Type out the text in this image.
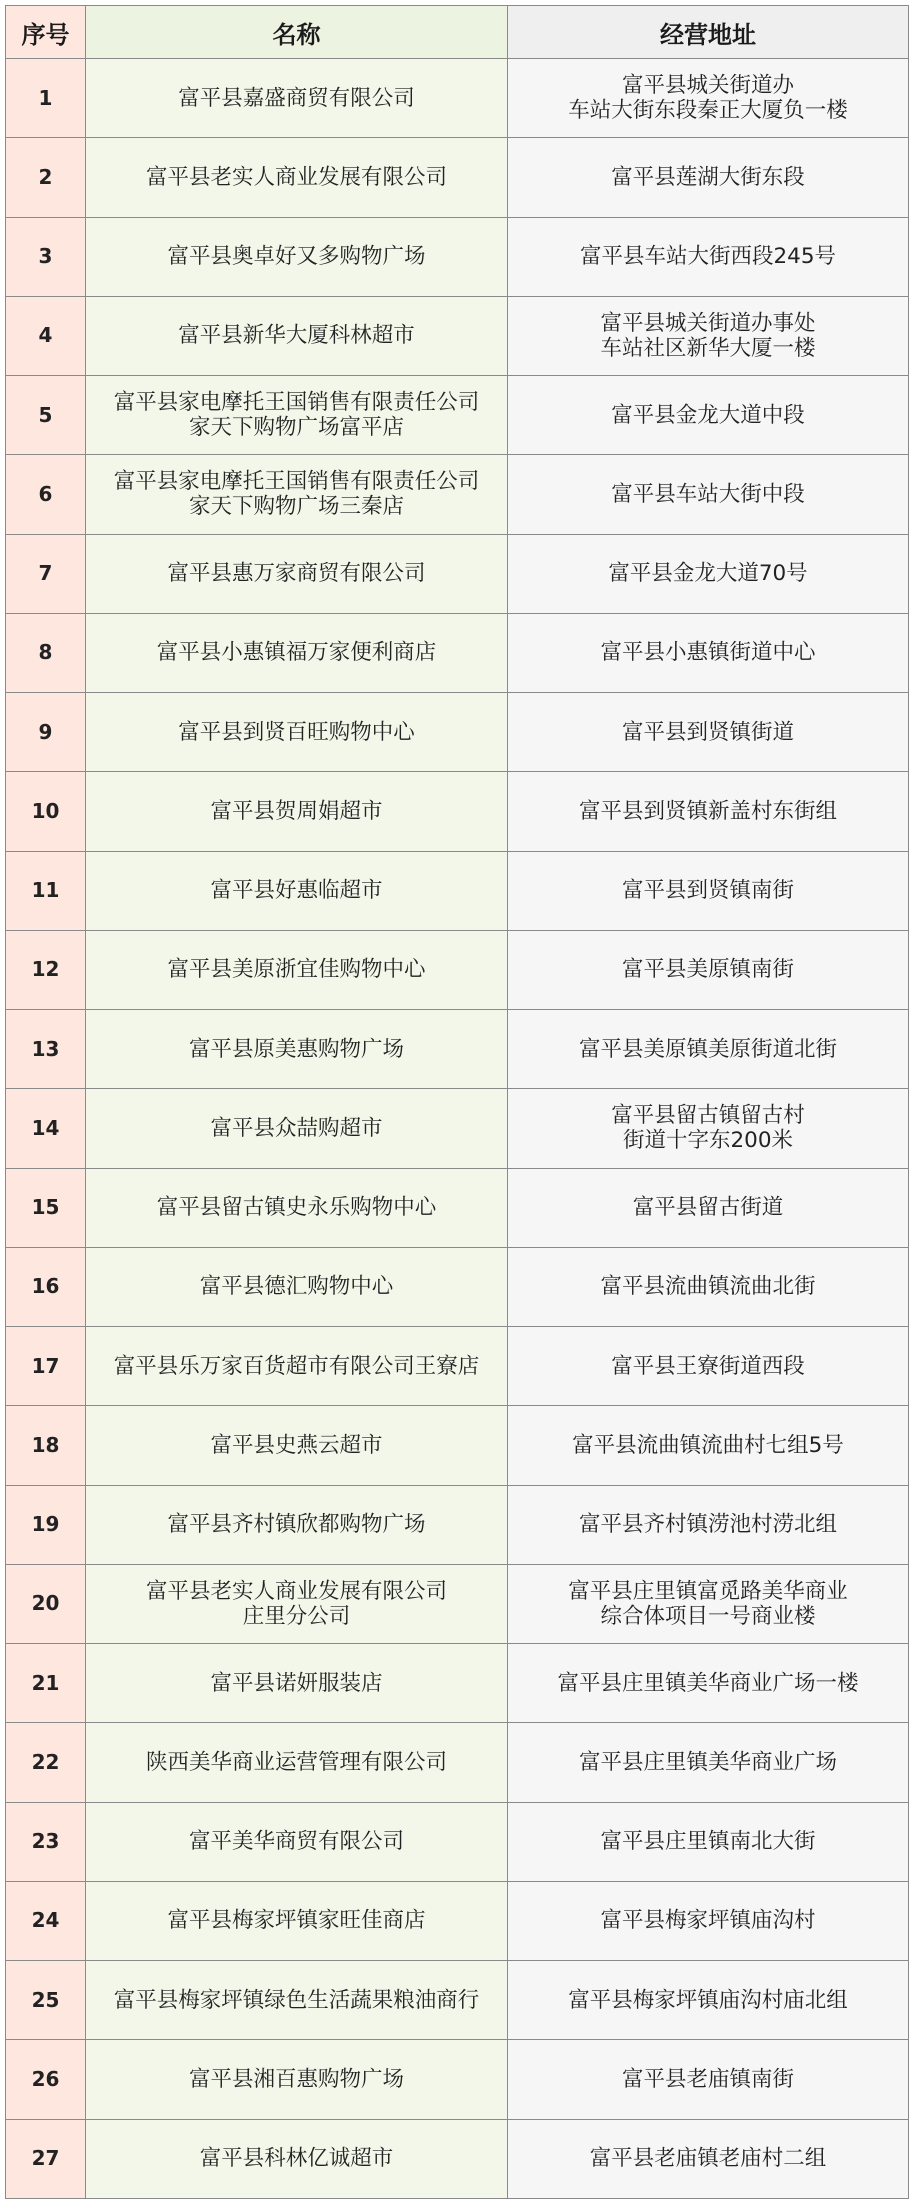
序号	名称	经营地址
1	富平县嘉盛商贸有限公司	富平县城关街道办
车站大街东段秦正大厦负一楼
2	富平县老实人商业发展有限公司	富平县莲湖大街东段
3	富平县奥卓好又多购物广场	富平县车站大街西段245号
4	富平县新华大厦科林超市	富平县城关街道办事处
车站社区新华大厦一楼
5	富平县家电摩托王国销售有限责任公司
家天下购物广场富平店	富平县金龙大道中段
6	富平县家电摩托王国销售有限责任公司
家天下购物广场三秦店	富平县车站大街中段
7	富平县惠万家商贸有限公司	富平县金龙大道70号
8	富平县小惠镇福万家便利商店	富平县小惠镇街道中心
9	富平县到贤百旺购物中心	富平县到贤镇街道
10	富平县贺周娟超市	富平县到贤镇新盖村东街组
11	富平县好惠临超市	富平县到贤镇南街
12	富平县美原浙宜佳购物中心	富平县美原镇南街
13	富平县原美惠购物广场	富平县美原镇美原街道北街
14	富平县众喆购超市	富平县留古镇留古村
街道十字东200米
15	富平县留古镇史永乐购物中心	富平县留古街道
16	富平县德汇购物中心	富平县流曲镇流曲北街
17	富平县乐万家百货超市有限公司王寮店	富平县王寮街道西段
18	富平县史燕云超市	富平县流曲镇流曲村七组5号
19	富平县齐村镇欣都购物广场	富平县齐村镇涝池村涝北组
20	富平县老实人商业发展有限公司
庄里分公司	富平县庄里镇富觅路美华商业
综合体项目一号商业楼
21	富平县诺妍服装店	富平县庄里镇美华商业广场一楼
22	陕西美华商业运营管理有限公司	富平县庄里镇美华商业广场
23	富平美华商贸有限公司	富平县庄里镇南北大街
24	富平县梅家坪镇家旺佳商店	富平县梅家坪镇庙沟村
25	富平县梅家坪镇绿色生活蔬果粮油商行	富平县梅家坪镇庙沟村庙北组
26	富平县湘百惠购物广场	富平县老庙镇南街
27	富平县科林亿诚超市	富平县老庙镇老庙村二组
